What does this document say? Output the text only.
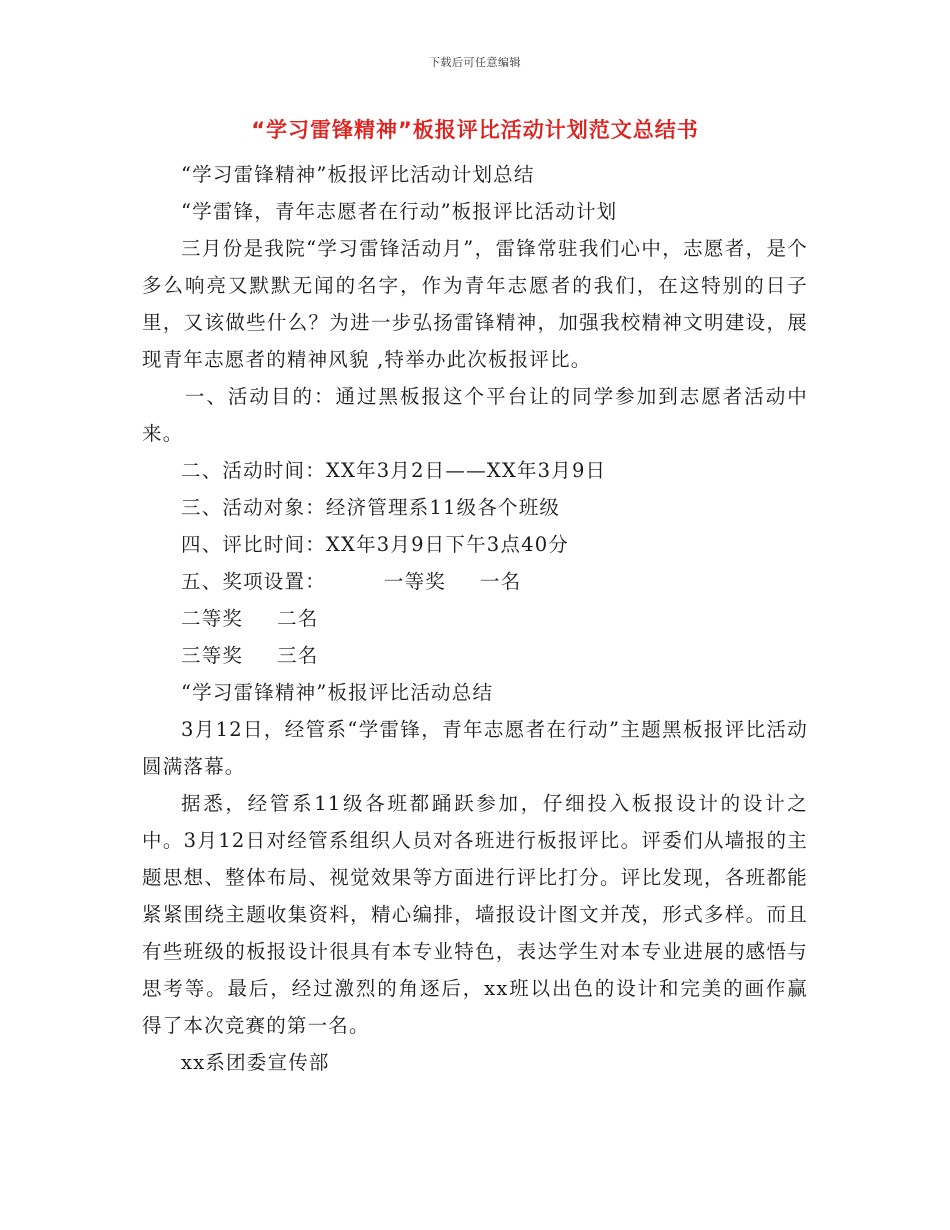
下载后可任意编辑
“学习雷锋精神”板报评比活动计划范文总结书

“学习雷锋精神”板报评比活动计划总结

“学雷锋，青年志愿者在行动”板报评比活动计划

三月份是我院“学习雷锋活动月”，雷锋常驻我们心中，志愿者，是个多么响亮又默默无闻的名字，作为青年志愿者的我们，在这特别的日子里，又该做些什么？为进一步弘扬雷锋精神，加强我校精神文明建设，展现青年志愿者的精神风貌 ,特举办此次板报评比。

一、活动目的：通过黑板报这个平台让的同学参加到志愿者活动中来。

二、活动时间：XX年3月2日——XX年3月9日

三、活动对象：经济管理系11级各个班级

四、评比时间：XX年3月9日下午3点40分

五、奖项设置：	一等奖 一名

二等奖 二名

三等奖 三名

“学习雷锋精神”板报评比活动总结

3月12日，经管系“学雷锋，青年志愿者在行动”主题黑板报评比活动圆满落幕。

据悉，经管系11级各班都踊跃参加，仔细投入板报设计的设计之中。3月12日对经管系组织人员对各班进行板报评比。评委们从墙报的主题思想、整体布局、视觉效果等方面进行评比打分。评比发现，各班都能紧紧围绕主题收集资料，精心编排，墙报设计图文并茂，形式多样。而且有些班级的板报设计很具有本专业特色，表达学生对本专业进展的感悟与思考等。最后，经过激烈的角逐后，xx班以出色的设计和完美的画作赢得了本次竞赛的第一名。

xx系团委宣传部
